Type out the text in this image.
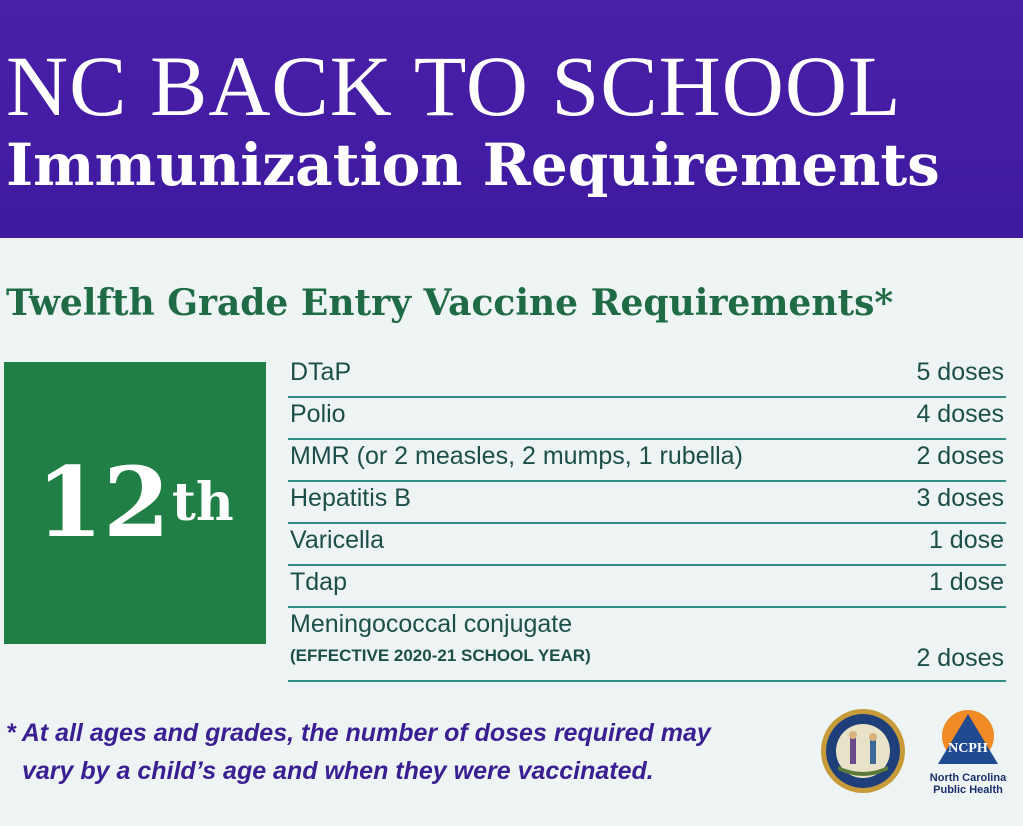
NC BACK TO SCHOOL
Immunization Requirements
Twelfth Grade Entry Vaccine Requirements*
12 th
DTaP	5 doses
Polio	4 doses
MMR (or 2 measles, 2 mumps, 1 rubella)	2 doses
Hepatitis B	3 doses
Varicella	1 dose
Tdap	1 dose
Meningococcal conjugate
(EFFECTIVE 2020-21 SCHOOL YEAR)	2 doses
* At all ages and grades, the number of doses required may
vary by a child’s age and when they were vaccinated.
NCPH
North Carolina
Public Health
